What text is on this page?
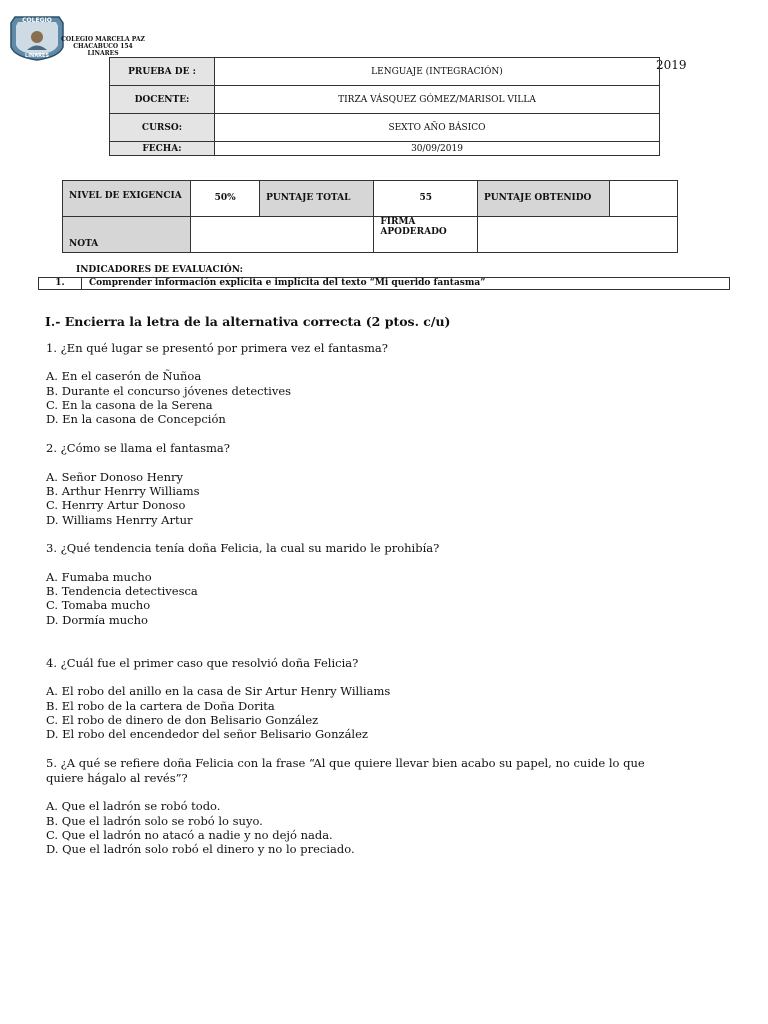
COLEGIO
LINARES
COLEGIO MARCELA PAZ
CHACABUCO 154
LINARES
2019
PRUEBA DE :	LENGUAJE (INTEGRACIÓN)
DOCENTE:	TIRZA VÁSQUEZ GÓMEZ/MARISOL VILLA
CURSO:	SEXTO AÑO BÁSICO
FECHA:	30/09/2019
NIVEL DE EXIGENCIA	50%	PUNTAJE TOTAL	55	PUNTAJE OBTENIDO	
NOTA			FIRMA APODERADO		
INDICADORES DE EVALUACIÓN:
1.	Comprender información explícita e implícita del texto “Mi querido fantasma”
I.- Encierra la letra de la alternativa correcta (2 ptos. c/u)
1. ¿En qué lugar se presentó por primera vez el fantasma?
A. En el caserón de Ñuñoa
B. Durante el concurso jóvenes detectives
C. En la casona de la Serena
D. En la casona de Concepción
2. ¿Cómo se llama el fantasma?
A. Señor Donoso Henry
B. Arthur Henrry Williams
C. Henrry Artur Donoso
D. Williams Henrry Artur
3. ¿Qué tendencia tenía doña Felicia, la cual su marido le prohibía?
A. Fumaba mucho
B. Tendencia detectivesca
C. Tomaba mucho
D. Dormía mucho
4. ¿Cuál fue el primer caso que resolvió doña Felicia?
A. El robo del anillo en la casa de Sir Artur Henry Williams
B. El robo de la cartera de Doña Dorita
C. El robo de dinero de don Belisario González
D. El robo del encendedor del señor Belisario González
5. ¿A qué se refiere doña Felicia con la frase “Al que quiere llevar bien acabo su papel, no cuide lo que
quiere hágalo al revés”?
A. Que el ladrón se robó todo.
B. Que el ladrón solo se robó lo suyo.
C. Que el ladrón no atacó a nadie y no dejó nada.
D. Que el ladrón solo robó el dinero y no lo preciado.
